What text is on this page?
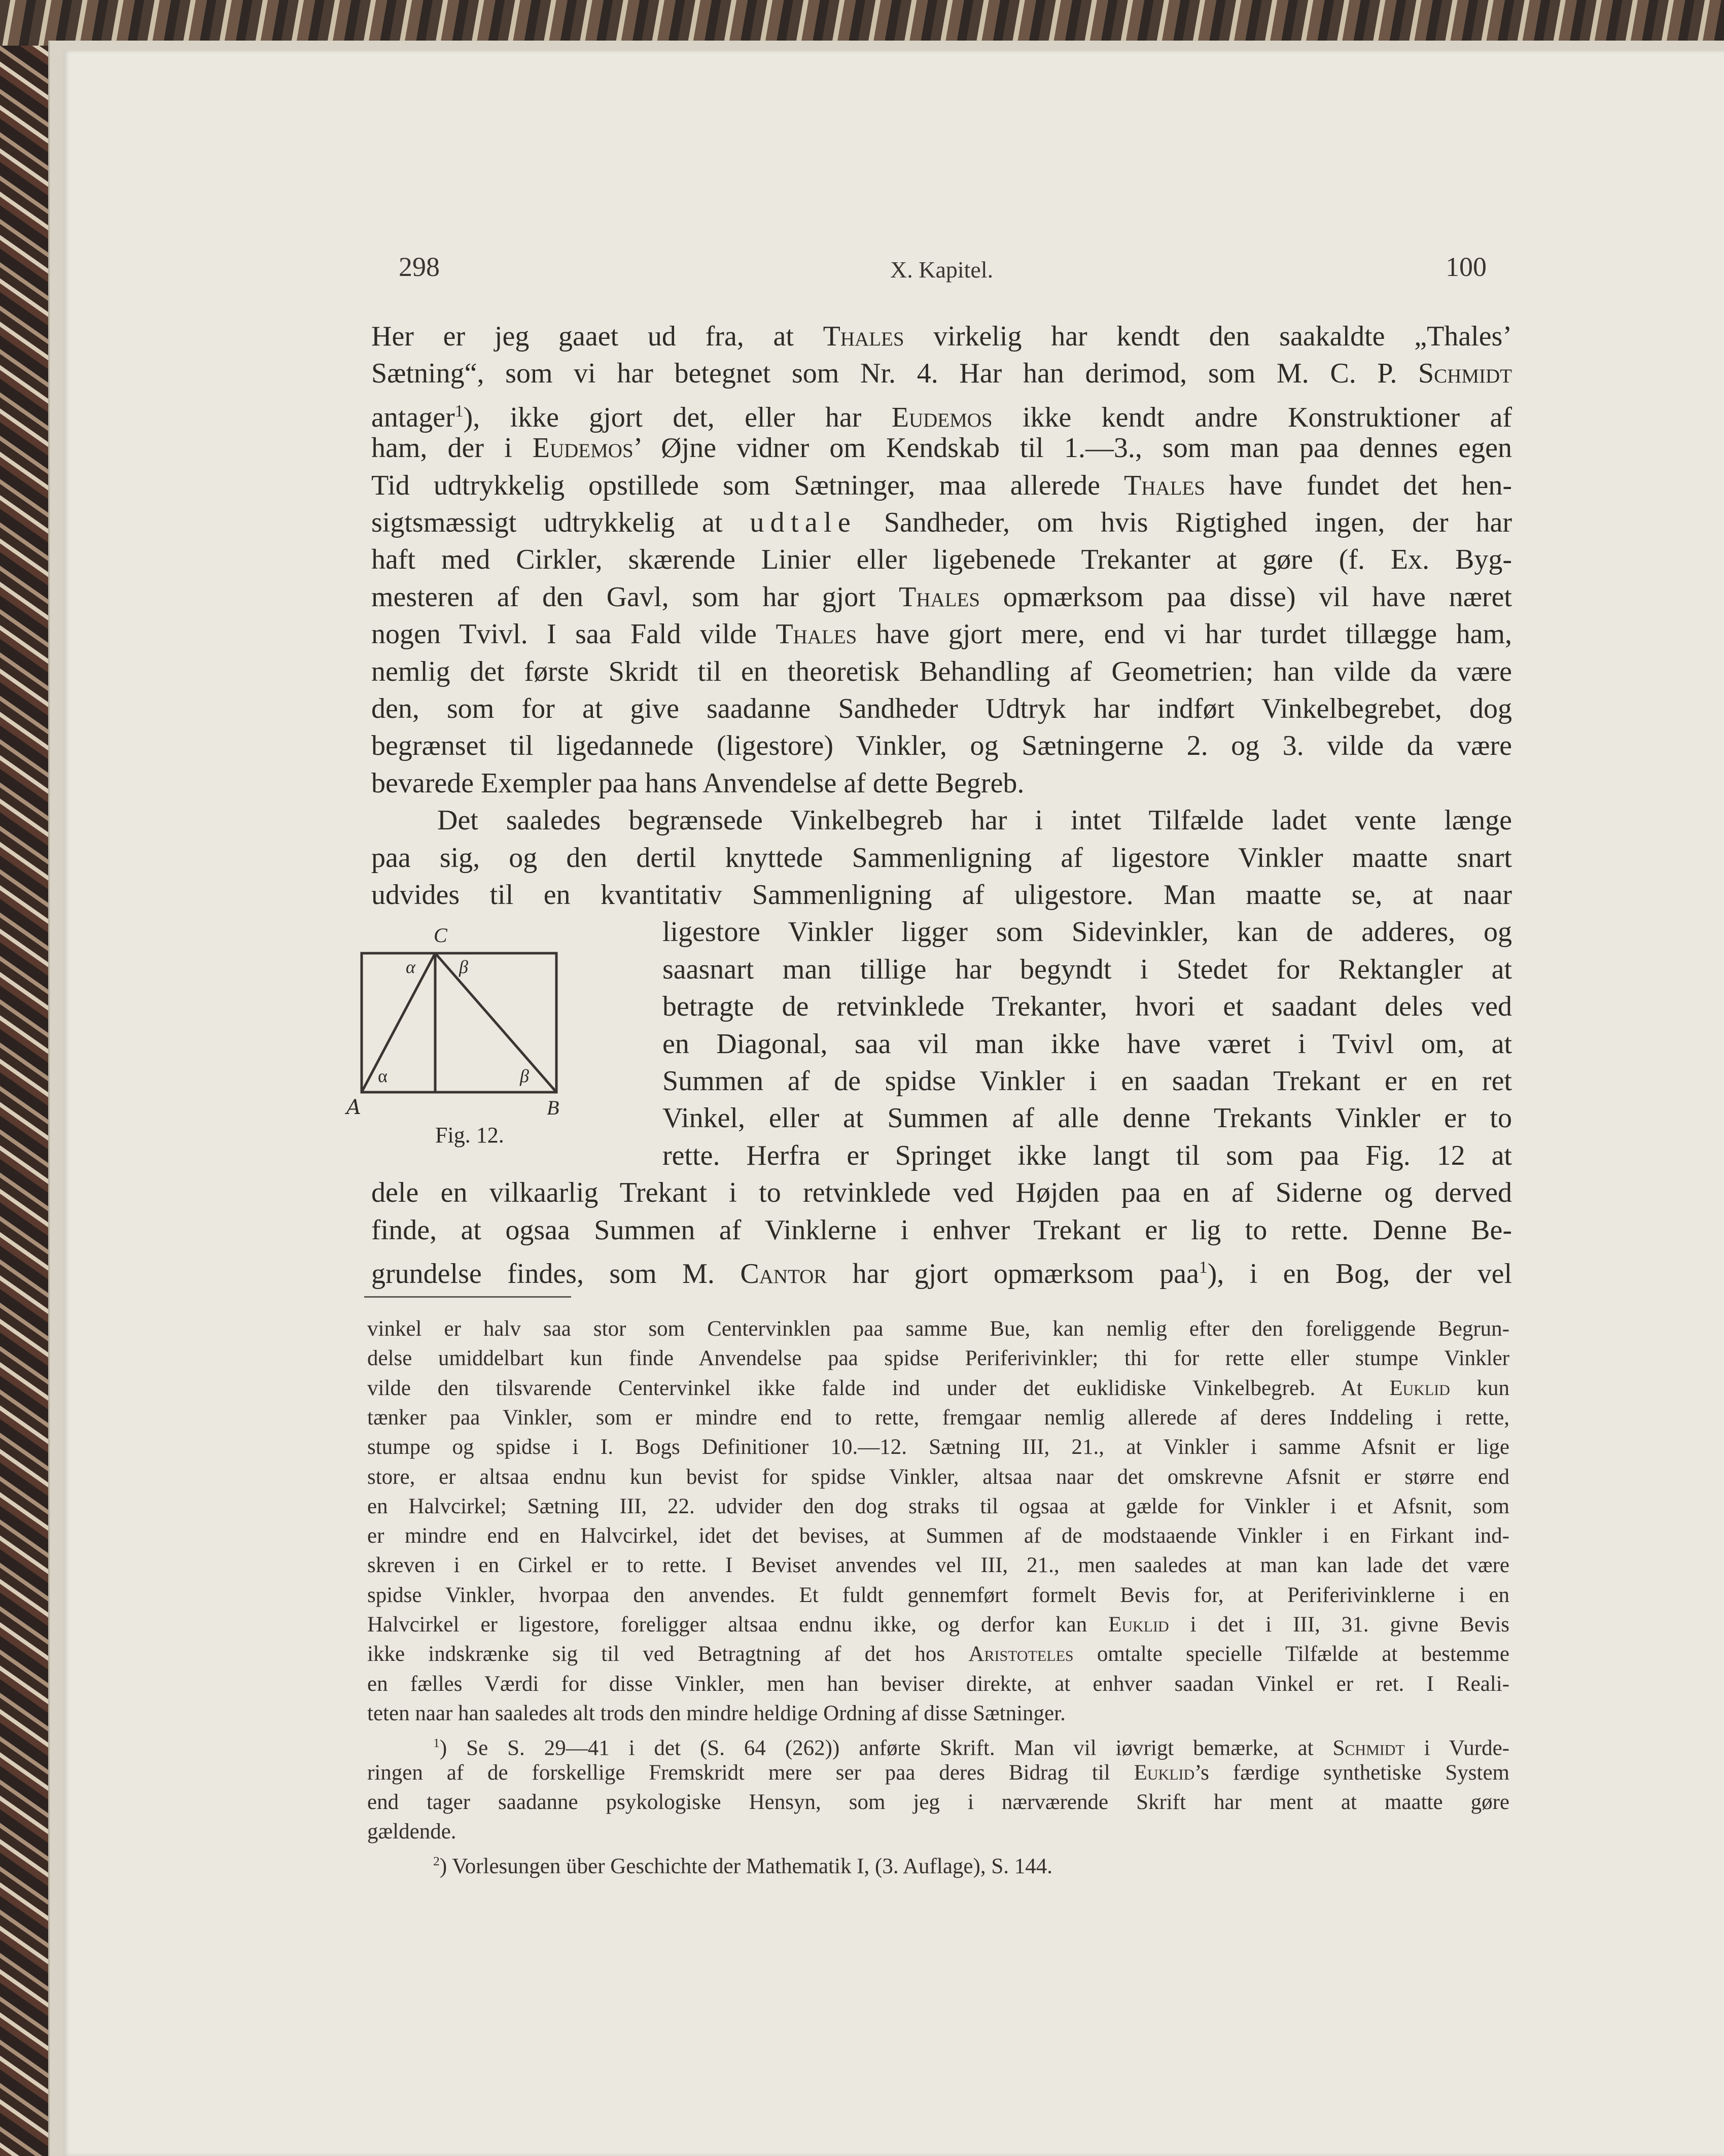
298	X. Kapitel.	100
Her er jeg gaaet ud fra, at Thales virkelig har kendt den saakaldte „Thales’
Sætning“, som vi har betegnet som Nr. 4. Har han derimod, som M. C. P. Schmidt
antager$^1$), ikke gjort det, eller har Eudemos ikke kendt andre Konstruktioner af
ham, der i Eudemos’ Øjne vidner om Kendskab til 1.—3., som man paa dennes egen
Tid udtrykkelig opstillede som Sætninger, maa allerede Thales have fundet det hen-
sigtsmæssigt udtrykkelig at udtale Sandheder, om hvis Rigtighed ingen, der har
haft med Cirkler, skærende Linier eller ligebenede Trekanter at gøre (f. Ex. Byg-
mesteren af den Gavl, som har gjort Thales opmærksom paa disse) vil have næret
nogen Tvivl. I saa Fald vilde Thales have gjort mere, end vi har turdet tillægge ham,
nemlig det første Skridt til en theoretisk Behandling af Geometrien; han vilde da være
den, som for at give saadanne Sandheder Udtryk har indført Vinkelbegrebet, dog
begrænset til ligedannede (ligestore) Vinkler, og Sætningerne 2. og 3. vilde da være
bevarede Exempler paa hans Anvendelse af dette Begreb.
Det saaledes begrænsede Vinkelbegreb har i intet Tilfælde ladet vente længe
paa sig, og den dertil knyttede Sammenligning af ligestore Vinkler maatte snart
udvides til en kvantitativ Sammenligning af uligestore. Man maatte se, at naar
ligestore Vinkler ligger som Sidevinkler, kan de adderes, og
saasnart man tillige har begyndt i Stedet for Rektangler at
betragte de retvinklede Trekanter, hvori et saadant deles ved
en Diagonal, saa vil man ikke have været i Tvivl om, at
Summen af de spidse Vinkler i en saadan Trekant er en ret
Vinkel, eller at Summen af alle denne Trekants Vinkler er to
rette. Herfra er Springet ikke langt til som paa Fig. 12 at
dele en vilkaarlig Trekant i to retvinklede ved Højden paa en af Siderne og derved
finde, at ogsaa Summen af Vinklerne i enhver Trekant er lig to rette. Denne Be-
grundelse findes, som M. Cantor har gjort opmærksom paa$^1$), i en Bog, der vel
C
A	B
α β
α	β
Fig. 12.
vinkel er halv saa stor som Centervinklen paa samme Bue, kan nemlig efter den foreliggende Begrun-
delse umiddelbart kun finde Anvendelse paa spidse Periferivinkler; thi for rette eller stumpe Vinkler
vilde den tilsvarende Centervinkel ikke falde ind under det euklidiske Vinkelbegreb. At Euklid kun
tænker paa Vinkler, som er mindre end to rette, fremgaar nemlig allerede af deres Inddeling i rette,
stumpe og spidse i I. Bogs Definitioner 10.—12. Sætning III, 21., at Vinkler i samme Afsnit er lige
store, er altsaa endnu kun bevist for spidse Vinkler, altsaa naar det omskrevne Afsnit er større end
en Halvcirkel; Sætning III, 22. udvider den dog straks til ogsaa at gælde for Vinkler i et Afsnit, som
er mindre end en Halvcirkel, idet det bevises, at Summen af de modstaaende Vinkler i en Firkant ind-
skreven i en Cirkel er to rette. I Beviset anvendes vel III, 21., men saaledes at man kan lade det være
spidse Vinkler, hvorpaa den anvendes. Et fuldt gennemført formelt Bevis for, at Periferivinklerne i en
Halvcirkel er ligestore, foreligger altsaa endnu ikke, og derfor kan Euklid i det i III, 31. givne Bevis
ikke indskrænke sig til ved Betragtning af det hos Aristoteles omtalte specielle Tilfælde at bestemme
en fælles Værdi for disse Vinkler, men han beviser direkte, at enhver saadan Vinkel er ret. I Reali-
teten naar han saaledes alt trods den mindre heldige Ordning af disse Sætninger.
$^1$) Se S. 29—41 i det (S. 64 (262)) anførte Skrift. Man vil iøvrigt bemærke, at Schmidt i Vurde-
ringen af de forskellige Fremskridt mere ser paa deres Bidrag til Euklid’s færdige synthetiske System
end tager saadanne psykologiske Hensyn, som jeg i nærværende Skrift har ment at maatte gøre
gældende.
$^2$) Vorlesungen über Geschichte der Mathematik I, (3. Auflage), S. 144.
